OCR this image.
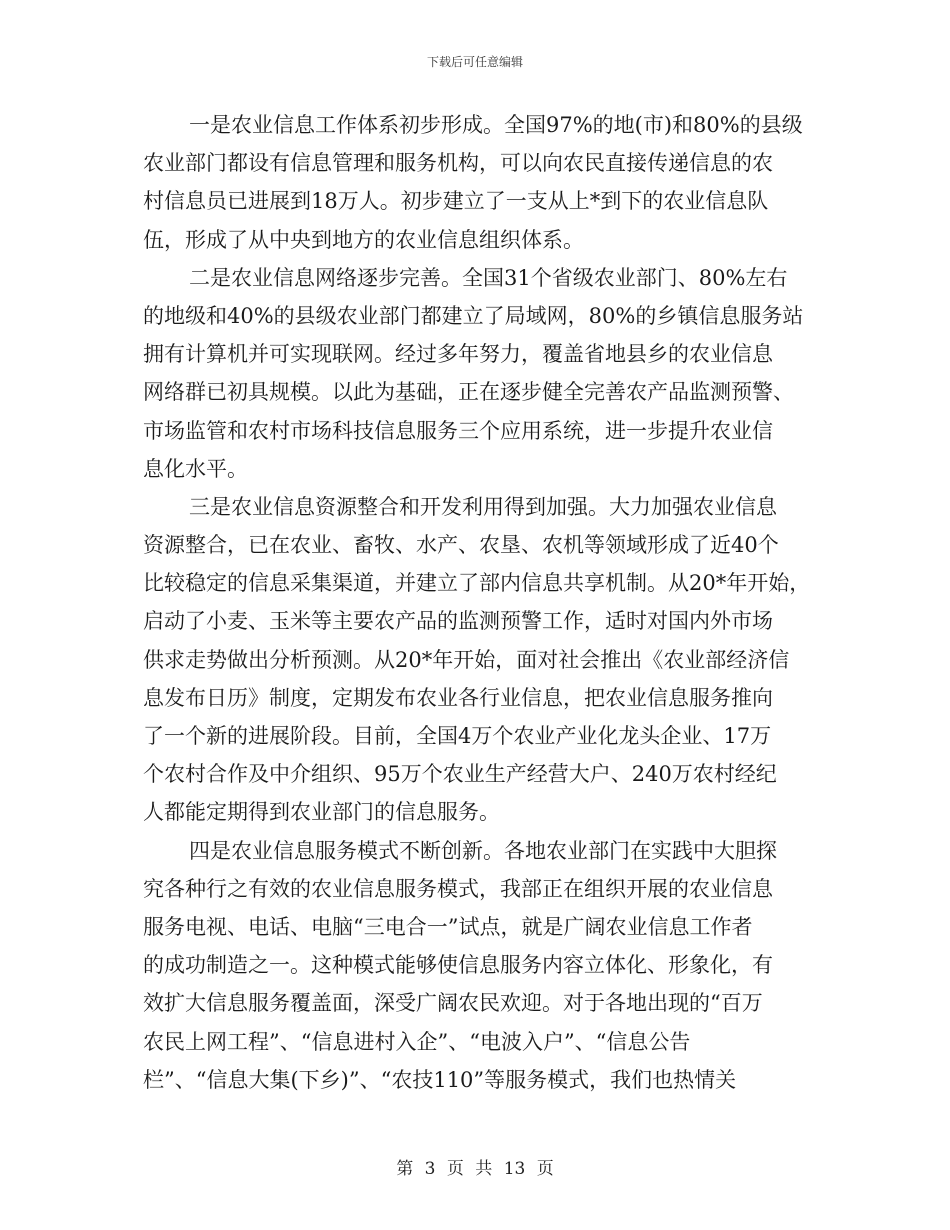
下载后可任意编辑
一是农业信息工作体系初步形成。全国97%的地(市)和80%的县级
农业部门都设有信息管理和服务机构，可以向农民直接传递信息的农
村信息员已进展到18万人。初步建立了一支从上*到下的农业信息队
伍，形成了从中央到地方的农业信息组织体系。
二是农业信息网络逐步完善。全国31个省级农业部门、80%左右
的地级和40%的县级农业部门都建立了局域网，80%的乡镇信息服务站
拥有计算机并可实现联网。经过多年努力，覆盖省地县乡的农业信息
网络群已初具规模。以此为基础，正在逐步健全完善农产品监测预警、
市场监管和农村市场科技信息服务三个应用系统，进一步提升农业信
息化水平。
三是农业信息资源整合和开发利用得到加强。大力加强农业信息
资源整合，已在农业、畜牧、水产、农垦、农机等领域形成了近40个
比较稳定的信息采集渠道，并建立了部内信息共享机制。从20*年开始，
启动了小麦、玉米等主要农产品的监测预警工作，适时对国内外市场
供求走势做出分析预测。从20*年开始，面对社会推出《农业部经济信
息发布日历》制度，定期发布农业各行业信息，把农业信息服务推向
了一个新的进展阶段。目前，全国4万个农业产业化龙头企业、17万
个农村合作及中介组织、95万个农业生产经营大户、240万农村经纪
人都能定期得到农业部门的信息服务。
四是农业信息服务模式不断创新。各地农业部门在实践中大胆探
究各种行之有效的农业信息服务模式，我部正在组织开展的农业信息
服务电视、电话、电脑“三电合一”试点，就是广阔农业信息工作者
的成功制造之一。这种模式能够使信息服务内容立体化、形象化，有
效扩大信息服务覆盖面，深受广阔农民欢迎。对于各地出现的“百万
农民上网工程”、“信息进村入企”、“电波入户”、“信息公告
栏”、“信息大集(下乡)”、“农技110”等服务模式，我们也热情关
第 3 页 共 13 页
